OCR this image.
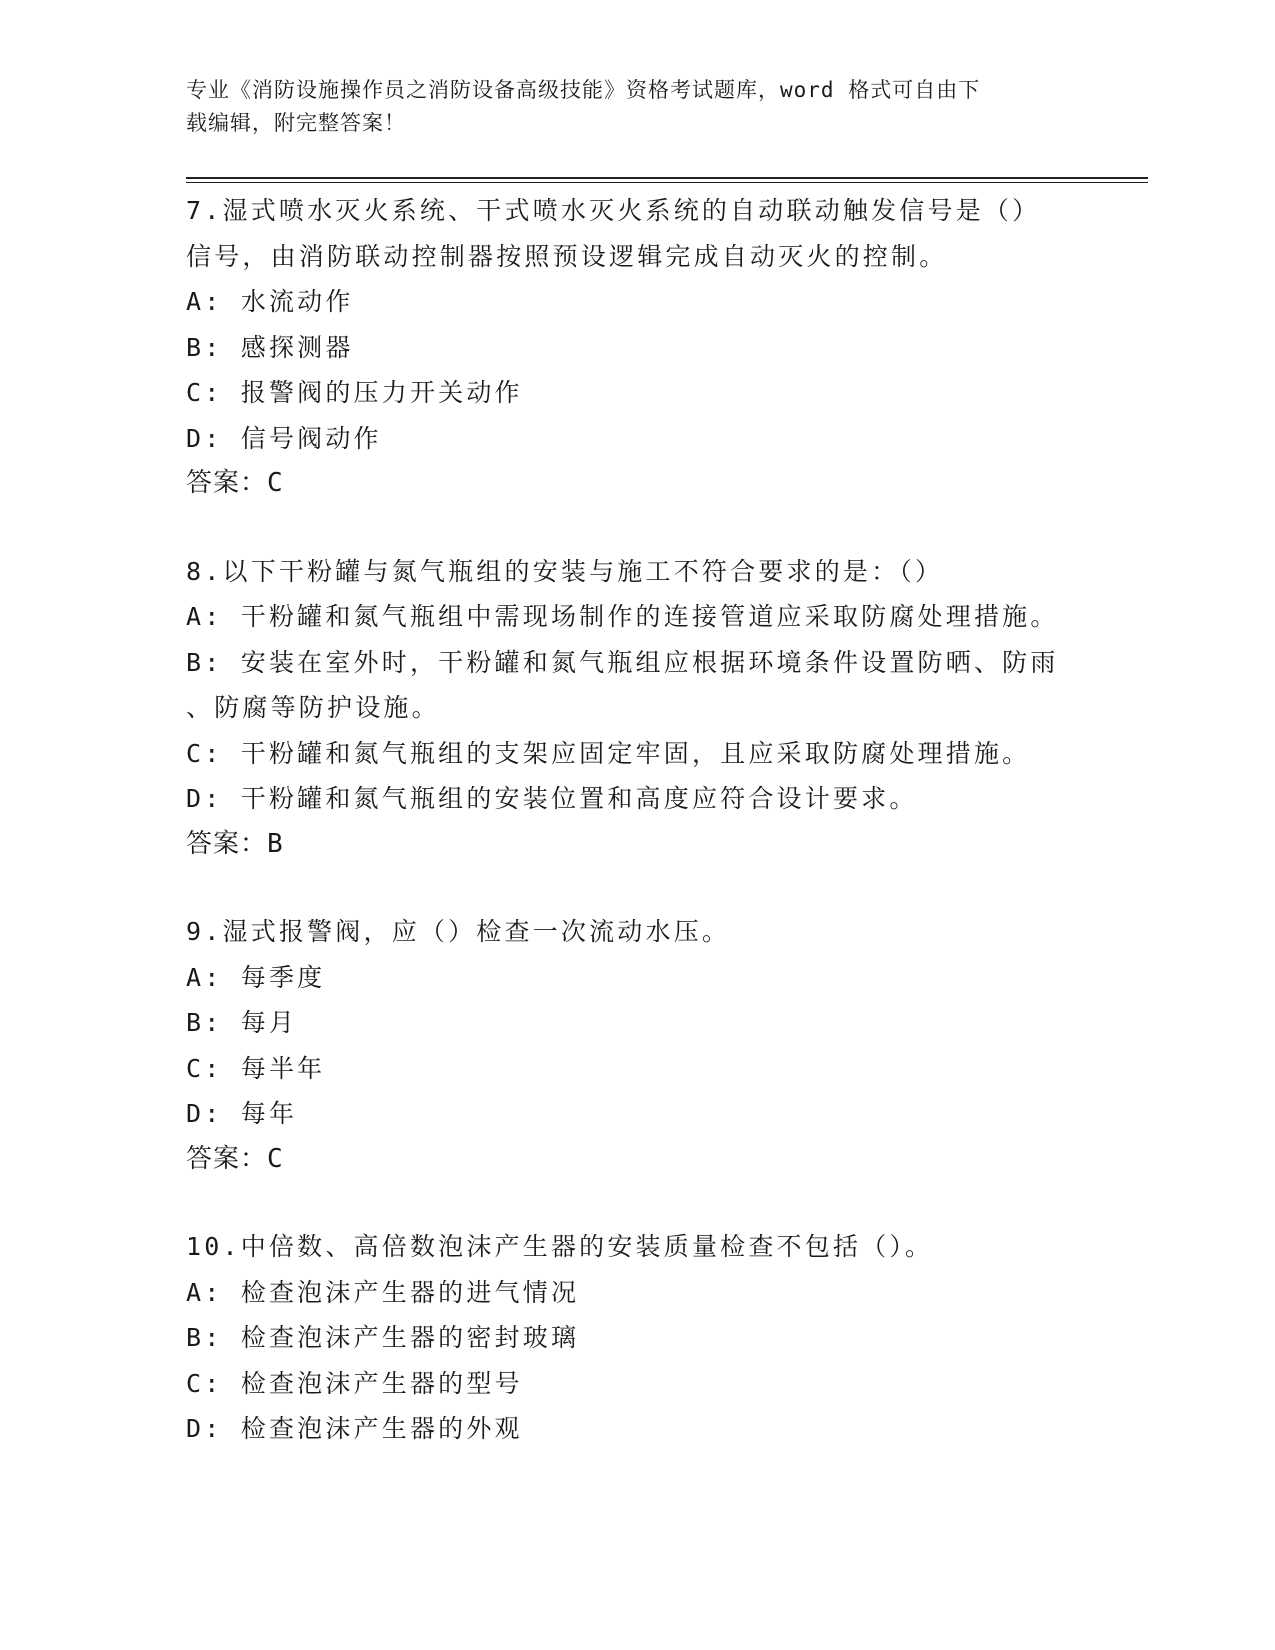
专业《消防设施操作员之消防设备高级技能》资格考试题库，word 格式可自由下
载编辑，附完整答案！
7.湿式喷水灭火系统、干式喷水灭火系统的自动联动触发信号是（）
信号，由消防联动控制器按照预设逻辑完成自动灭火的控制。
A: 水流动作
B: 感探测器
C: 报警阀的压力开关动作
D: 信号阀动作
答案：C
8.以下干粉罐与氮气瓶组的安装与施工不符合要求的是：（）
A: 干粉罐和氮气瓶组中需现场制作的连接管道应采取防腐处理措施。
B: 安装在室外时，干粉罐和氮气瓶组应根据环境条件设置防晒、防雨
、防腐等防护设施。
C: 干粉罐和氮气瓶组的支架应固定牢固，且应采取防腐处理措施。
D: 干粉罐和氮气瓶组的安装位置和高度应符合设计要求。
答案：B
9.湿式报警阀，应（）检查一次流动水压。
A: 每季度
B: 每月
C: 每半年
D: 每年
答案：C
10.中倍数、高倍数泡沫产生器的安装质量检查不包括（）。
A: 检查泡沫产生器的进气情况
B: 检查泡沫产生器的密封玻璃
C: 检查泡沫产生器的型号
D: 检查泡沫产生器的外观
